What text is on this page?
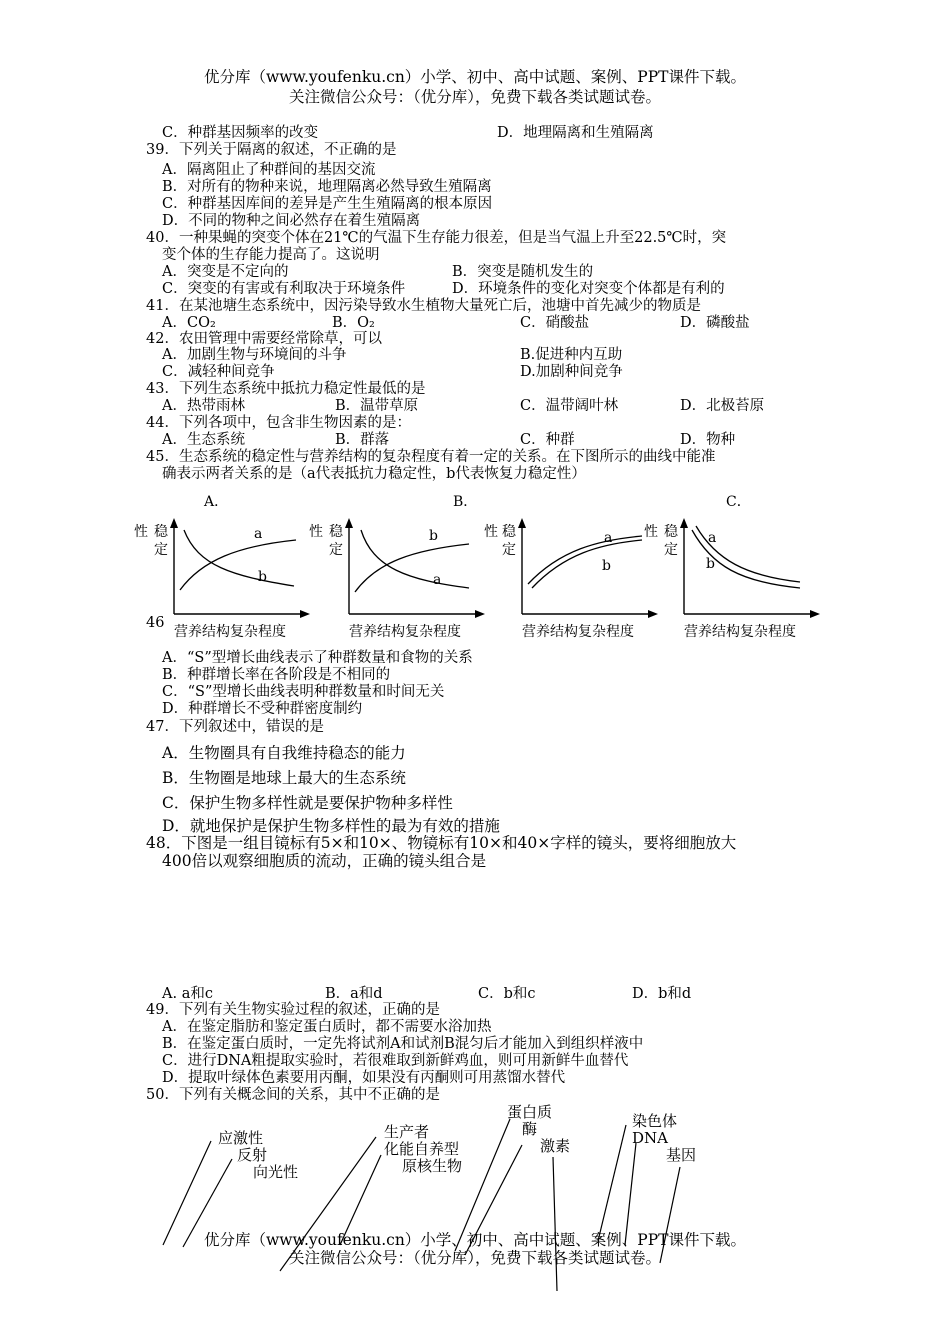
优分库（www.youfenku.cn）小学、初中、高中试题、案例、PPT课件下载。
关注微信公众号：（优分库），免费下载各类试题试卷。
C．种群基因频率的改变	D．地理隔离和生殖隔离
39．下列关于隔离的叙述，不正确的是
A．隔离阻止了种群间的基因交流
B．对所有的物种来说，地理隔离必然导致生殖隔离
C．种群基因库间的差异是产生生殖隔离的根本原因
D．不同的物种之间必然存在着生殖隔离
40．一种果蝇的突变个体在21℃的气温下生存能力很差，但是当气温上升至22.5℃时，突
变个体的生存能力提高了。这说明
A．突变是不定向的	B．突变是随机发生的
C．突变的有害或有利取决于环境条件	D．环境条件的变化对突变个体都是有利的
41．在某池塘生态系统中，因污染导致水生植物大量死亡后，池塘中首先减少的物质是
A．CO₂	B．O₂	C．硝酸盐	D．磷酸盐
42．农田管理中需要经常除草，可以
A．加剧生物与环境间的斗争	B.促进种内互助
C．减轻种间竞争	D.加剧种间竞争
43．下列生态系统中抵抗力稳定性最低的是
A．热带雨林	B．温带草原	C．温带阔叶林	D．北极苔原
44．下列各项中，包含非生物因素的是：
A．生态系统	B．群落	C．种群	D．物种
45．生态系统的稳定性与营养结构的复杂程度有着一定的关系。在下图所示的曲线中能准
确表示两者关系的是（a代表抵抗力稳定性，b代表恢复力稳定性）
A．
性 稳
定
a
b
营养结构复杂程度
B．
性 稳
定
b
a
营养结构复杂程度
性 稳
定
a
b
营养结构复杂程度
C．
性 稳
定
a
b
营养结构复杂程度
46
A．“S”型增长曲线表示了种群数量和食物的关系
B．种群增长率在各阶段是不相同的
C．“S”型增长曲线表明种群数量和时间无关
D．种群增长不受种群密度制约
47．下列叙述中，错误的是
A．生物圈具有自我维持稳态的能力
B．生物圈是地球上最大的生态系统
C．保护生物多样性就是要保护物种多样性
D．就地保护是保护生物多样性的最为有效的措施
48．下图是一组目镜标有5×和10×、物镜标有10×和40×字样的镜头，要将细胞放大
400倍以观察细胞质的流动，正确的镜头组合是
A. a和c	B．a和d	C．b和c	D．b和d
49．下列有关生物实验过程的叙述，正确的是
A．在鉴定脂肪和鉴定蛋白质时，都不需要水浴加热
B．在鉴定蛋白质时，一定先将试剂A和试剂B混匀后才能加入到组织样液中
C．进行DNA粗提取实验时，若很难取到新鲜鸡血，则可用新鲜牛血替代
D．提取叶绿体色素要用丙酮，如果没有丙酮则可用蒸馏水替代
50．下列有关概念间的关系，其中不正确的是
应激性
反射
向光性
生产者
化能自养型
原核生物
蛋白质
酶
激素
染色体
DNA
基因
优分库（www.youfenku.cn）小学、初中、高中试题、案例、PPT课件下载。
关注微信公众号：（优分库），免费下载各类试题试卷。
